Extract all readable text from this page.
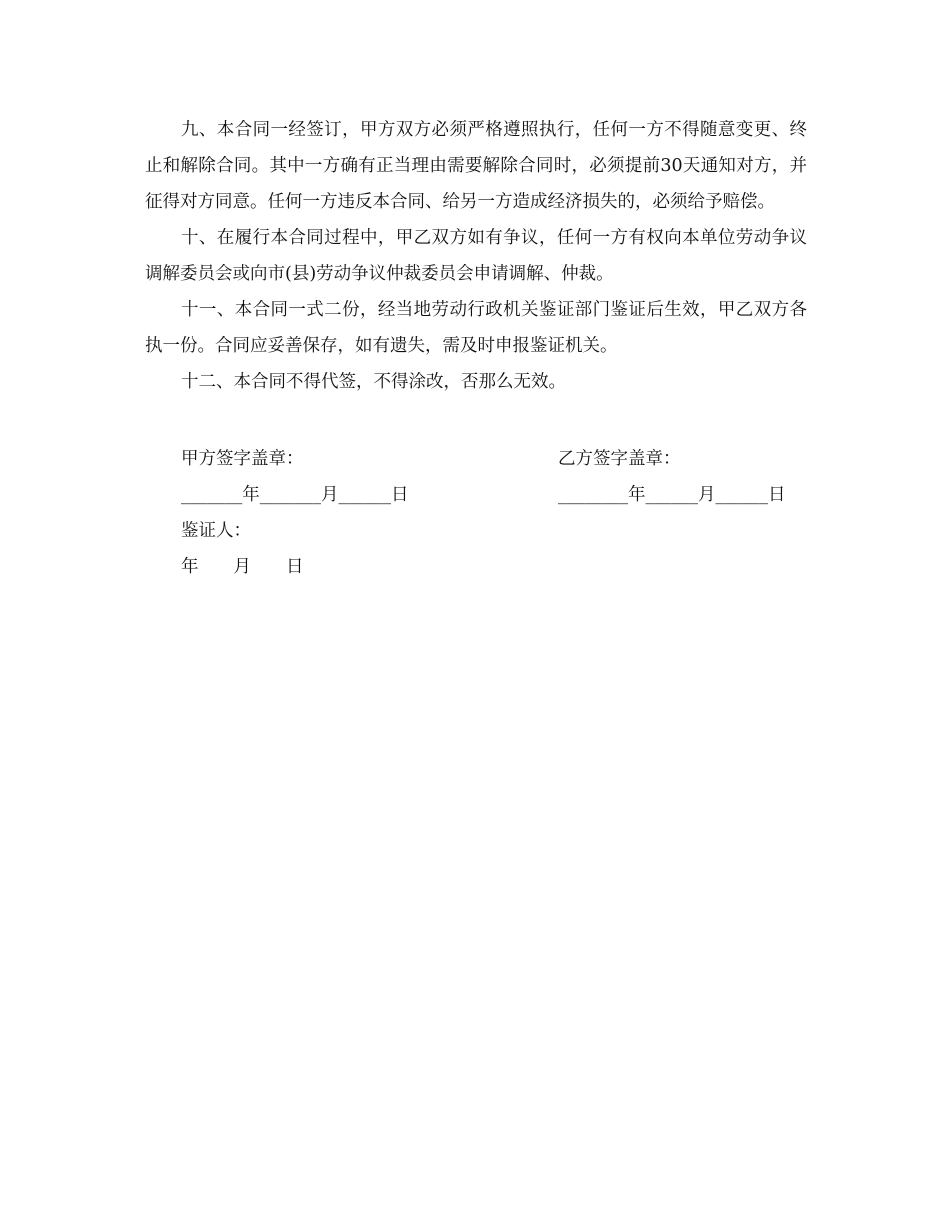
九、本合同一经签订，甲方双方必须严格遵照执行，任何一方不得随意变更、终止和解除合同。其中一方确有正当理由需要解除合同时，必须提前30天通知对方，并征得对方同意。任何一方违反本合同、给另一方造成经济损失的，必须给予赔偿。

十、在履行本合同过程中，甲乙双方如有争议，任何一方有权向本单位劳动争议调解委员会或向市(县)劳动争议仲裁委员会申请调解、仲裁。

十一、本合同一式二份，经当地劳动行政机关鉴证部门鉴证后生效，甲乙双方各执一份。合同应妥善保存，如有遗失，需及时申报鉴证机关。

十二、本合同不得代签，不得涂改，否那么无效。

甲方签字盖章：	乙方签字盖章：
_______年_______月______日	________年______月______日
鉴证人：
年　　月　　日
